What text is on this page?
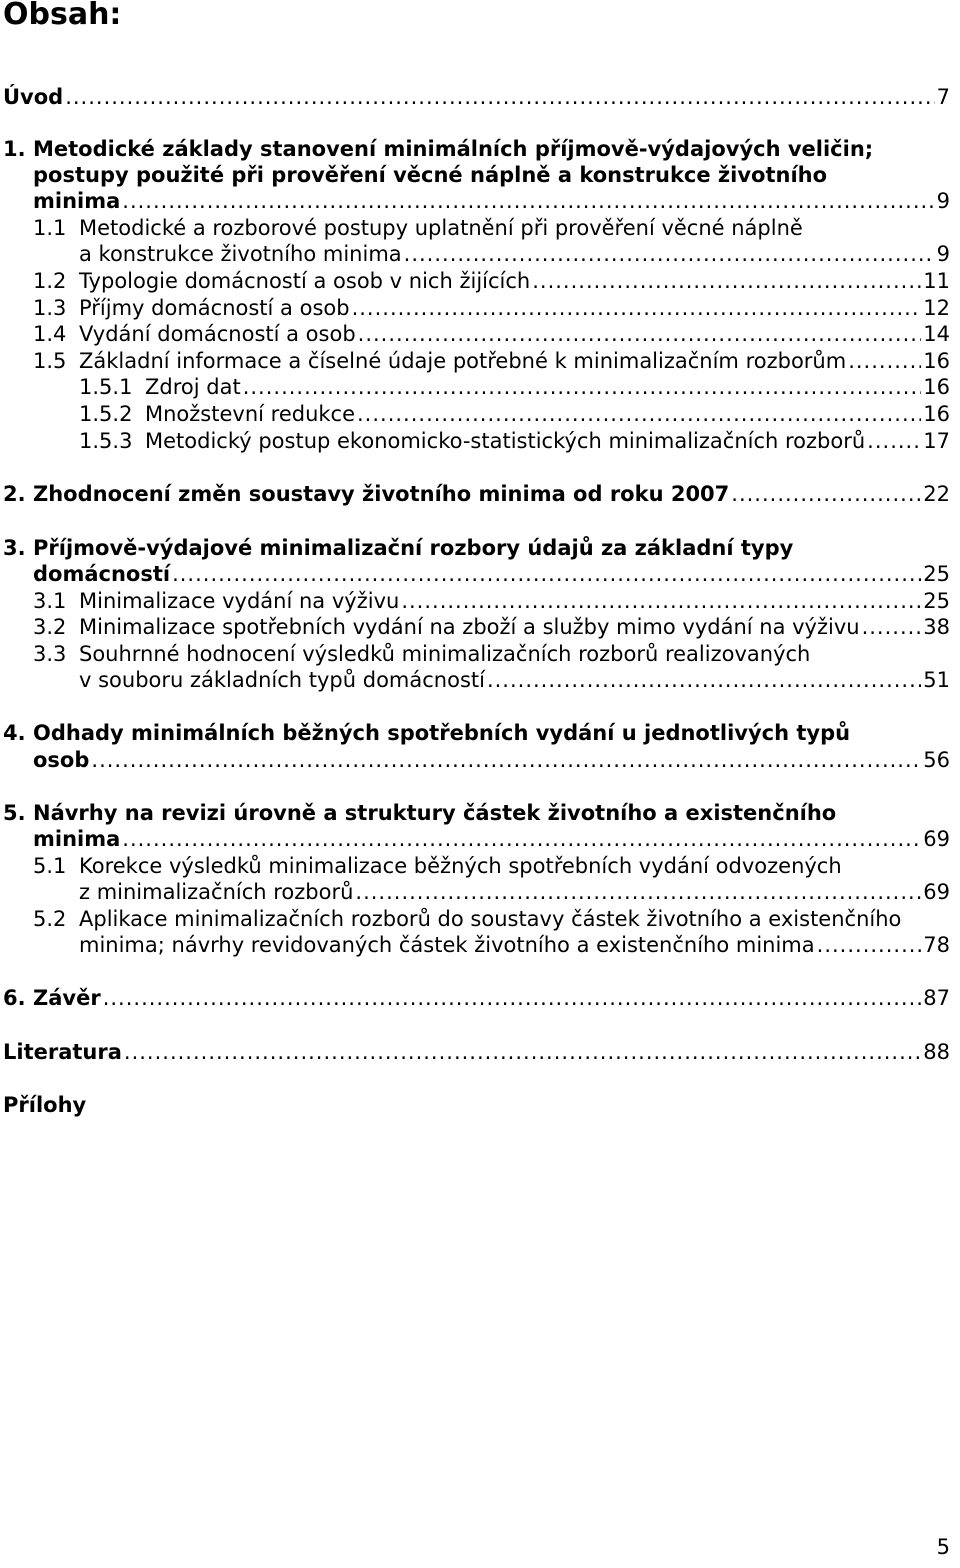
Obsah:
Úvod .....	7
1. Metodické základy stanovení minimálních příjmově-výdajových veličin;
postupy použité při prověření věcné náplně a konstrukce životního
minima .....	9
1.1 Metodické a rozborové postupy uplatnění při prověření věcné náplně
a konstrukce životního minima .....	9
1.2 Typologie domácností a osob v nich žijících .....	11
1.3 Příjmy domácností a osob .....	12
1.4 Vydání domácností a osob .....	14
1.5 Základní informace a číselné údaje potřebné k minimalizačním rozborům .....	16
1.5.1 Zdroj dat .....	16
1.5.2 Množstevní redukce .....	16
1.5.3 Metodický postup ekonomicko-statistických minimalizačních rozborů .....	17
2. Zhodnocení změn soustavy životního minima od roku 2007 .....	22
3. Příjmově-výdajové minimalizační rozbory údajů za základní typy
domácností .....	25
3.1 Minimalizace vydání na výživu .....	25
3.2 Minimalizace spotřebních vydání na zboží a služby mimo vydání na výživu .....	38
3.3 Souhrnné hodnocení výsledků minimalizačních rozborů realizovaných
v souboru základních typů domácností .....	51
4. Odhady minimálních běžných spotřebních vydání u jednotlivých typů
osob .....	56
5. Návrhy na revizi úrovně a struktury částek životního a existenčního
minima .....	69
5.1 Korekce výsledků minimalizace běžných spotřebních vydání odvozených
z minimalizačních rozborů .....	69
5.2 Aplikace minimalizačních rozborů do soustavy částek životního a existenčního
minima; návrhy revidovaných částek životního a existenčního minima .....	78
6. Závěr .....	87
Literatura .....	88
Přílohy
5
